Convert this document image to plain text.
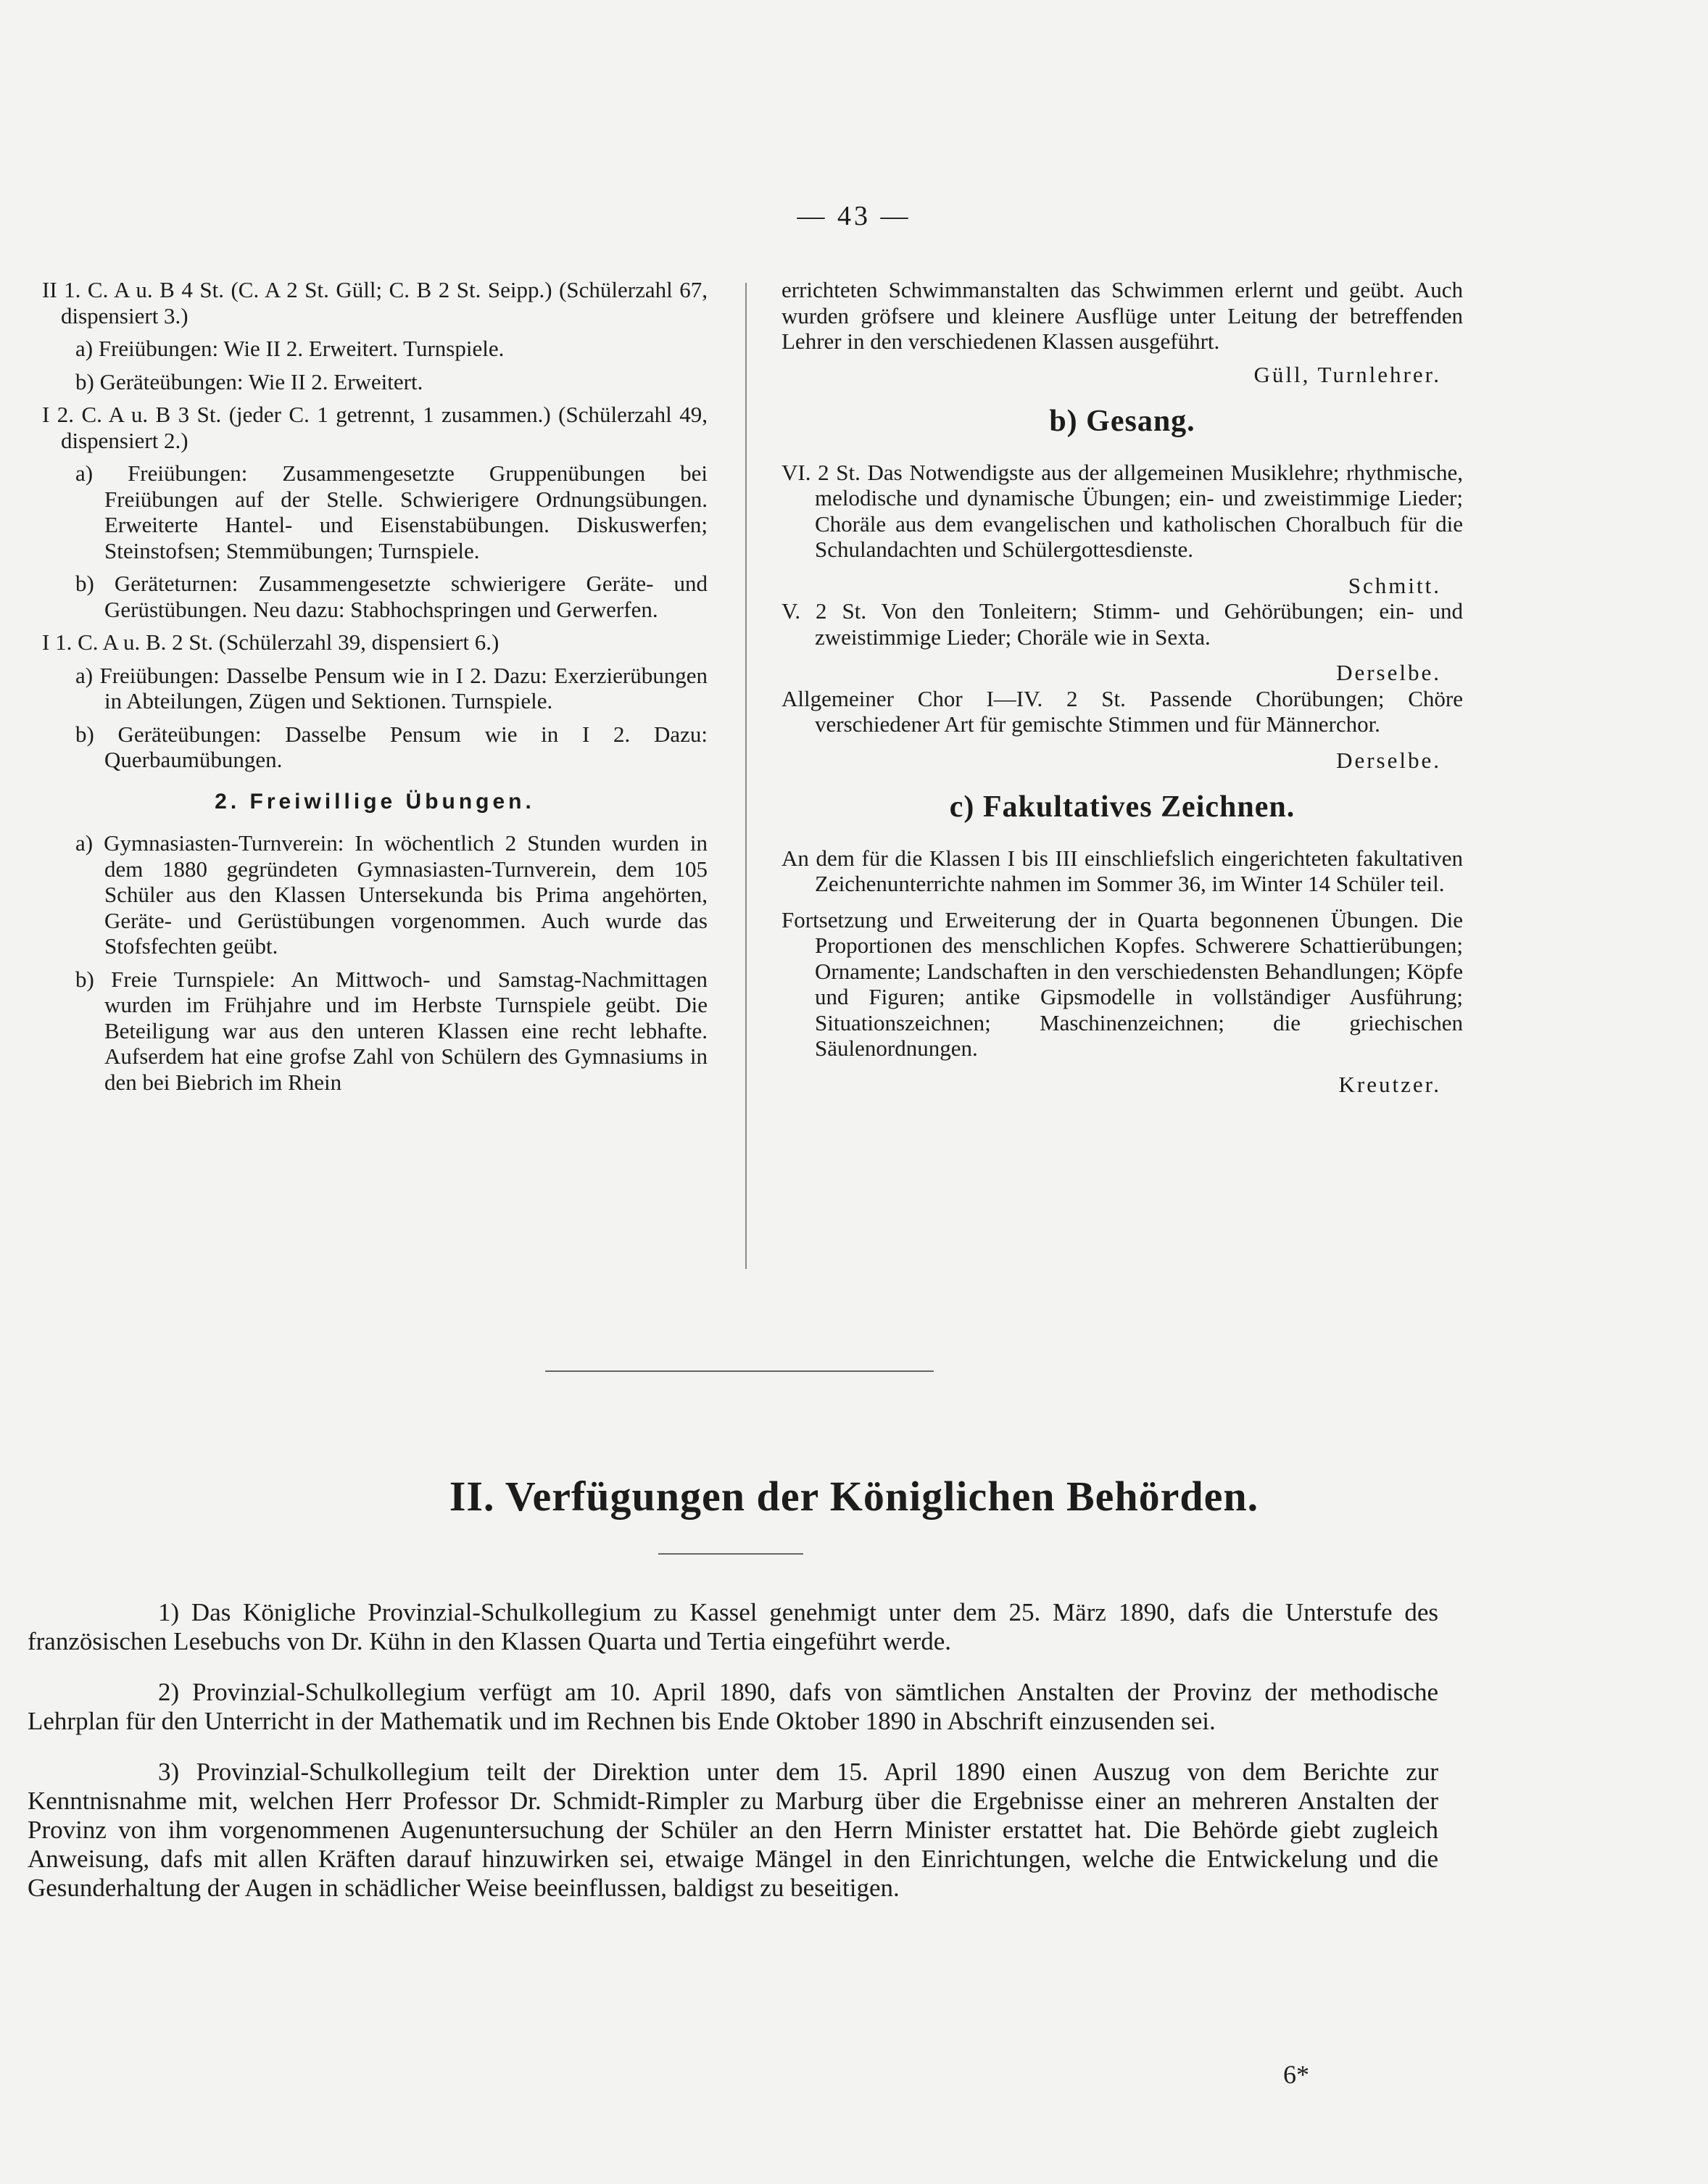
— 43 —

II 1. C. A u. B 4 St. (C. A 2 St. Güll; C. B 2 St. Seipp.) (Schülerzahl 67, dispensiert 3.)

a) Freiübungen: Wie II 2. Erweitert. Turnspiele.

b) Geräteübungen: Wie II 2. Erweitert.

I 2. C. A u. B 3 St. (jeder C. 1 getrennt, 1 zusammen.) (Schülerzahl 49, dispensiert 2.)

a) Freiübungen: Zusammengesetzte Gruppenübungen bei Freiübungen auf der Stelle. Schwierigere Ordnungsübungen. Erweiterte Hantel- und Eisenstabübungen. Diskuswerfen; Steinstofsen; Stemmübungen; Turnspiele.

b) Geräteturnen: Zusammengesetzte schwierigere Geräte- und Gerüstübungen. Neu dazu: Stabhochspringen und Gerwerfen.

I 1. C. A u. B. 2 St. (Schülerzahl 39, dispensiert 6.)

a) Freiübungen: Dasselbe Pensum wie in I 2. Dazu: Exerzierübungen in Abteilungen, Zügen und Sektionen. Turnspiele.

b) Geräteübungen: Dasselbe Pensum wie in I 2. Dazu: Querbaumübungen.

2. Freiwillige Übungen.

a) Gymnasiasten-Turnverein: In wöchentlich 2 Stunden wurden in dem 1880 gegründeten Gymnasiasten-Turnverein, dem 105 Schüler aus den Klassen Untersekunda bis Prima angehörten, Geräte- und Gerüstübungen vorgenommen. Auch wurde das Stofsfechten geübt.

b) Freie Turnspiele: An Mittwoch- und Samstag-Nachmittagen wurden im Frühjahre und im Herbste Turnspiele geübt. Die Beteiligung war aus den unteren Klassen eine recht lebhafte. Aufserdem hat eine grofse Zahl von Schülern des Gymnasiums in den bei Biebrich im Rhein

errichteten Schwimmanstalten das Schwimmen erlernt und geübt. Auch wurden gröfsere und kleinere Ausflüge unter Leitung der betreffenden Lehrer in den verschiedenen Klassen ausgeführt.

Güll, Turnlehrer.

b) Gesang.

VI. 2 St. Das Notwendigste aus der allgemeinen Musiklehre; rhythmische, melodische und dynamische Übungen; ein- und zweistimmige Lieder; Choräle aus dem evangelischen und katholischen Choralbuch für die Schulandachten und Schülergottesdienste.

Schmitt.

V. 2 St. Von den Tonleitern; Stimm- und Gehörübungen; ein- und zweistimmige Lieder; Choräle wie in Sexta.

Derselbe.

Allgemeiner Chor I—IV. 2 St. Passende Chorübungen; Chöre verschiedener Art für gemischte Stimmen und für Männerchor.

Derselbe.

c) Fakultatives Zeichnen.

An dem für die Klassen I bis III einschliefslich eingerichteten fakultativen Zeichenunterrichte nahmen im Sommer 36, im Winter 14 Schüler teil.

Fortsetzung und Erweiterung der in Quarta begonnenen Übungen. Die Proportionen des menschlichen Kopfes. Schwerere Schattierübungen; Ornamente; Landschaften in den verschiedensten Behandlungen; Köpfe und Figuren; antike Gipsmodelle in vollständiger Ausführung; Situationszeichnen; Maschinenzeichnen; die griechischen Säulenordnungen.

Kreutzer.

II. Verfügungen der Königlichen Behörden.

1) Das Königliche Provinzial-Schulkollegium zu Kassel genehmigt unter dem 25. März 1890, dafs die Unterstufe des französischen Lesebuchs von Dr. Kühn in den Klassen Quarta und Tertia eingeführt werde.

2) Provinzial-Schulkollegium verfügt am 10. April 1890, dafs von sämtlichen Anstalten der Provinz der methodische Lehrplan für den Unterricht in der Mathematik und im Rechnen bis Ende Oktober 1890 in Abschrift einzusenden sei.

3) Provinzial-Schulkollegium teilt der Direktion unter dem 15. April 1890 einen Auszug von dem Berichte zur Kenntnisnahme mit, welchen Herr Professor Dr. Schmidt-Rimpler zu Marburg über die Ergebnisse einer an mehreren Anstalten der Provinz von ihm vorgenommenen Augenuntersuchung der Schüler an den Herrn Minister erstattet hat. Die Behörde giebt zugleich Anweisung, dafs mit allen Kräften darauf hinzuwirken sei, etwaige Mängel in den Einrichtungen, welche die Entwickelung und die Gesunderhaltung der Augen in schädlicher Weise beeinflussen, baldigst zu beseitigen.

6*
